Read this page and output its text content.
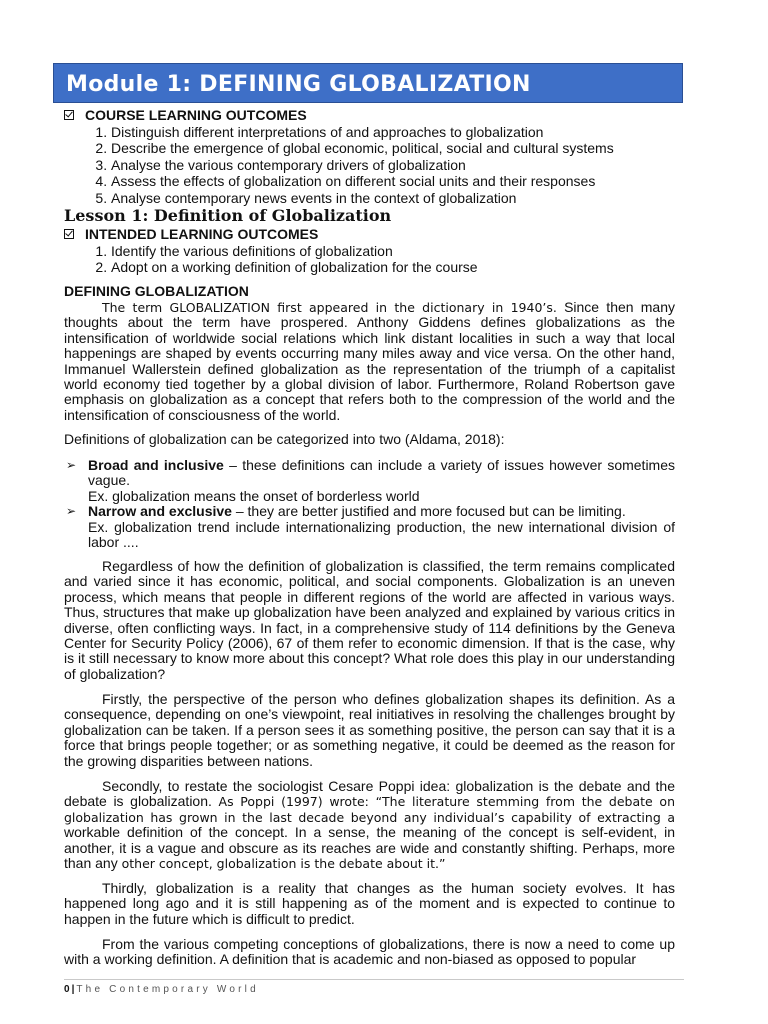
Module 1: DEFINING GLOBALIZATION
COURSE LEARNING OUTCOMES
1. Distinguish different interpretations of and approaches to globalization
2. Describe the emergence of global economic, political, social and cultural systems
3. Analyse the various contemporary drivers of globalization
4. Assess the effects of globalization on different social units and their responses
5. Analyse contemporary news events in the context of globalization
Lesson 1: Definition of Globalization
INTENDED LEARNING OUTCOMES
1. Identify the various definitions of globalization
2. Adopt on a working definition of globalization for the course
DEFINING GLOBALIZATION
The term GLOBALIZATION first appeared in the dictionary in 1940’s. Since then many thoughts about the term have prospered. Anthony Giddens defines globalizations as the intensification of worldwide social relations which link distant localities in such a way that local happenings are shaped by events occurring many miles away and vice versa. On the other hand, Immanuel Wallerstein defined globalization as the representation of the triumph of a capitalist world economy tied together by a global division of labor. Furthermore, Roland Robertson gave emphasis on globalization as a concept that refers both to the compression of the world and the intensification of consciousness of the world.
Definitions of globalization can be categorized into two (Aldama, 2018):
➢ Broad and inclusive – these definitions can include a variety of issues however sometimes vague.
Ex. globalization means the onset of borderless world
➢ Narrow and exclusive – they are better justified and more focused but can be limiting.
Ex. globalization trend include internationalizing production, the new international division of labor ....
Regardless of how the definition of globalization is classified, the term remains complicated and varied since it has economic, political, and social components. Globalization is an uneven process, which means that people in different regions of the world are affected in various ways. Thus, structures that make up globalization have been analyzed and explained by various critics in diverse, often conflicting ways. In fact, in a comprehensive study of 114 definitions by the Geneva Center for Security Policy (2006), 67 of them refer to economic dimension. If that is the case, why is it still necessary to know more about this concept? What role does this play in our understanding of globalization?
Firstly, the perspective of the person who defines globalization shapes its definition. As a consequence, depending on one’s viewpoint, real initiatives in resolving the challenges brought by globalization can be taken. If a person sees it as something positive, the person can say that it is a force that brings people together; or as something negative, it could be deemed as the reason for the growing disparities between nations.
Secondly, to restate the sociologist Cesare Poppi idea: globalization is the debate and the debate is globalization. As Poppi (1997) wrote: “The literature stemming from the debate on globalization has grown in the last decade beyond any individual’s capability of extracting a workable definition of the concept. In a sense, the meaning of the concept is self-evident, in another, it is a vague and obscure as its reaches are wide and constantly shifting. Perhaps, more than any other concept, globalization is the debate about it.”
Thirdly, globalization is a reality that changes as the human society evolves. It has happened long ago and it is still happening as of the moment and is expected to continue to happen in the future which is difficult to predict.
From the various competing conceptions of globalizations, there is now a need to come up with a working definition. A definition that is academic and non-biased as opposed to popular
0 | The Contemporary World
